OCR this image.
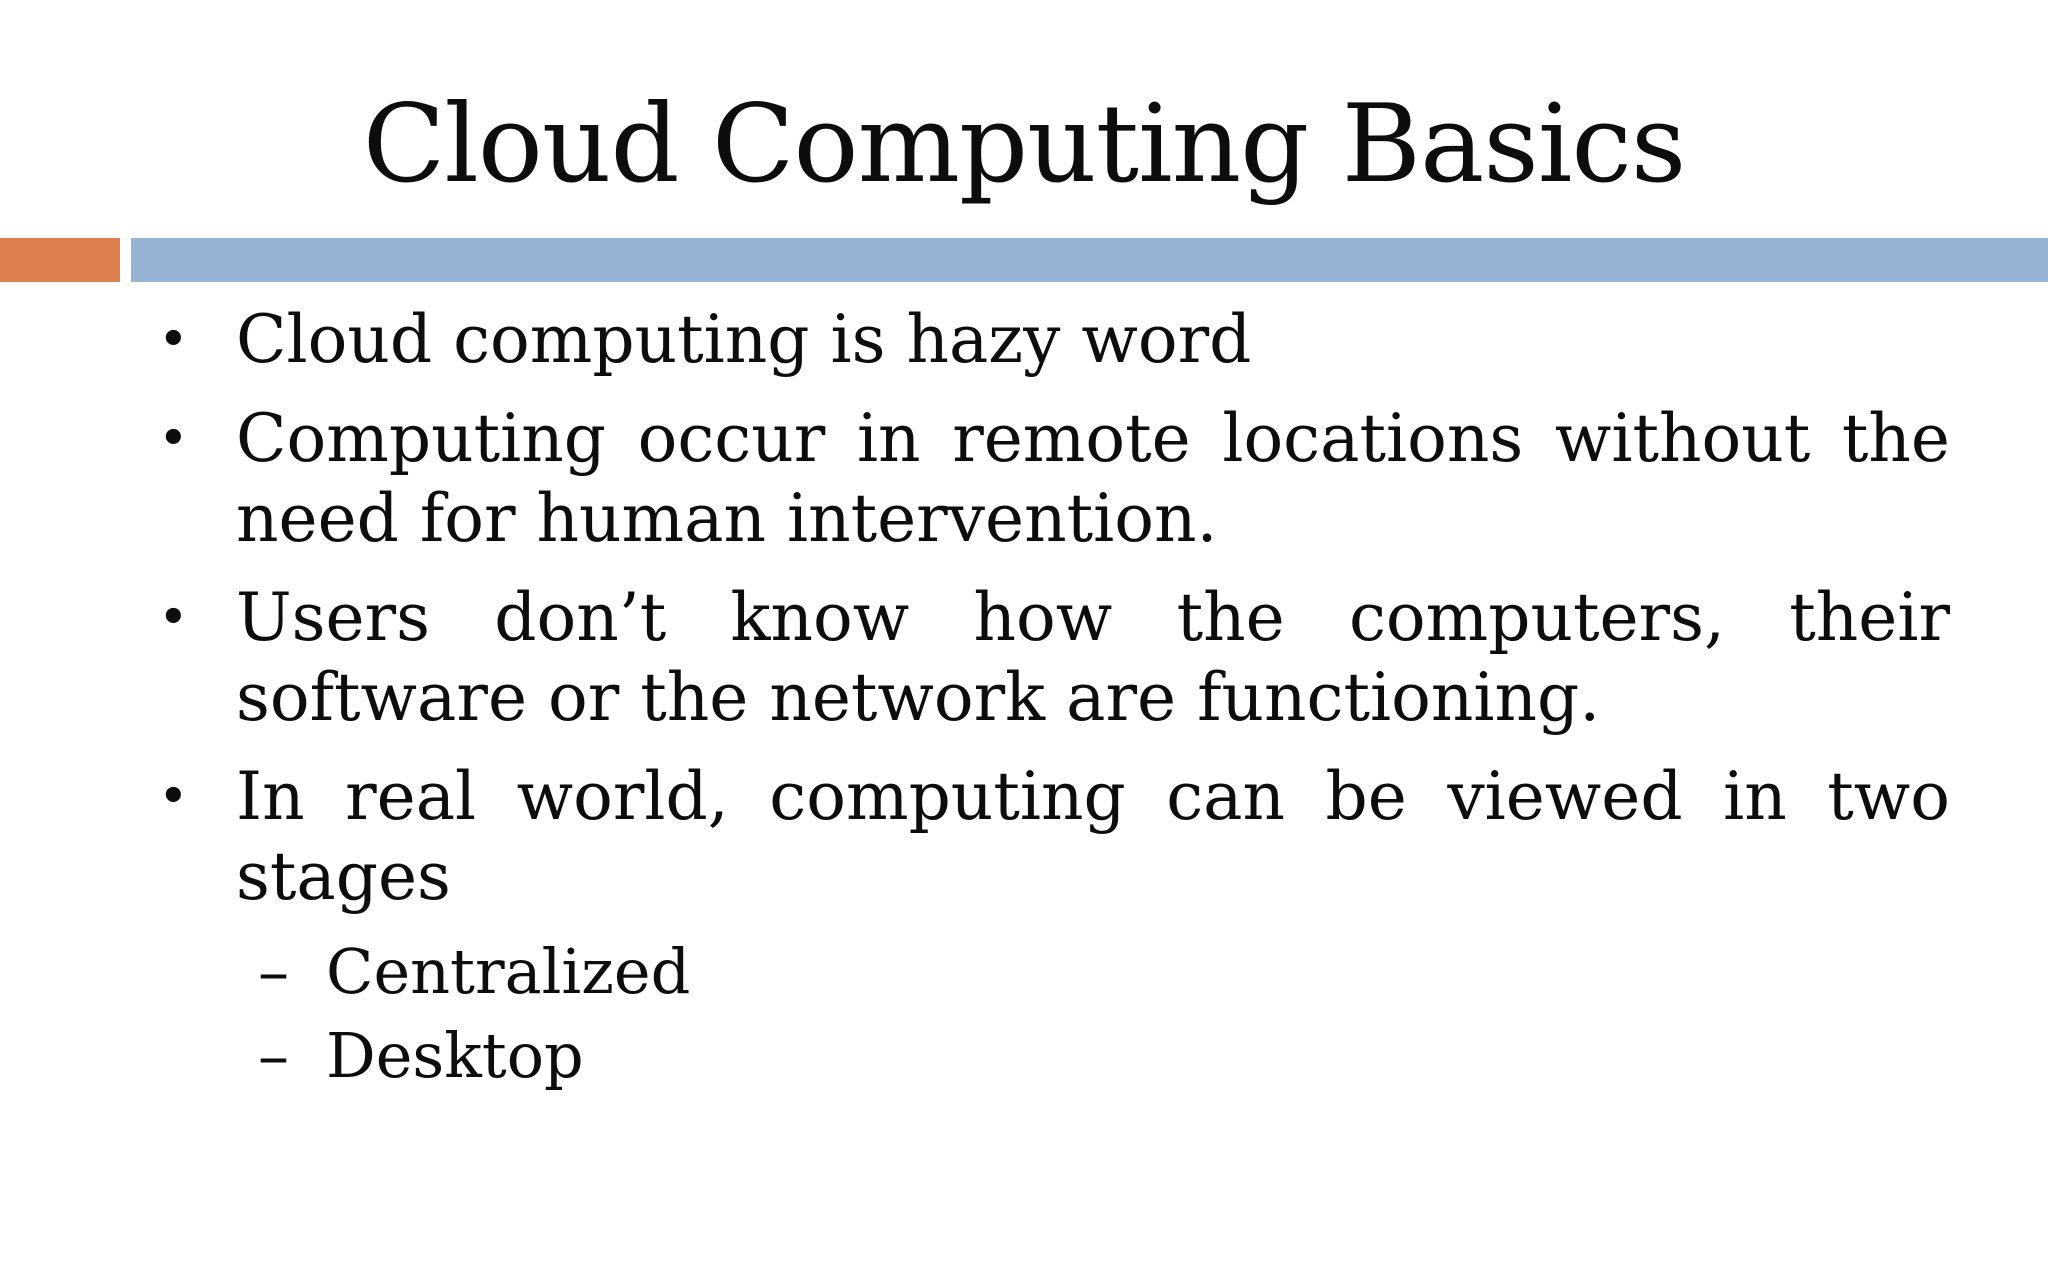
Cloud Computing Basics
• Cloud computing is hazy word
• Computing occur in remote locations without the need for human intervention.
• Users don’t know how the computers, their software or the network are functioning.
• In real world, computing can be viewed in two stages
– Centralized
– Desktop
